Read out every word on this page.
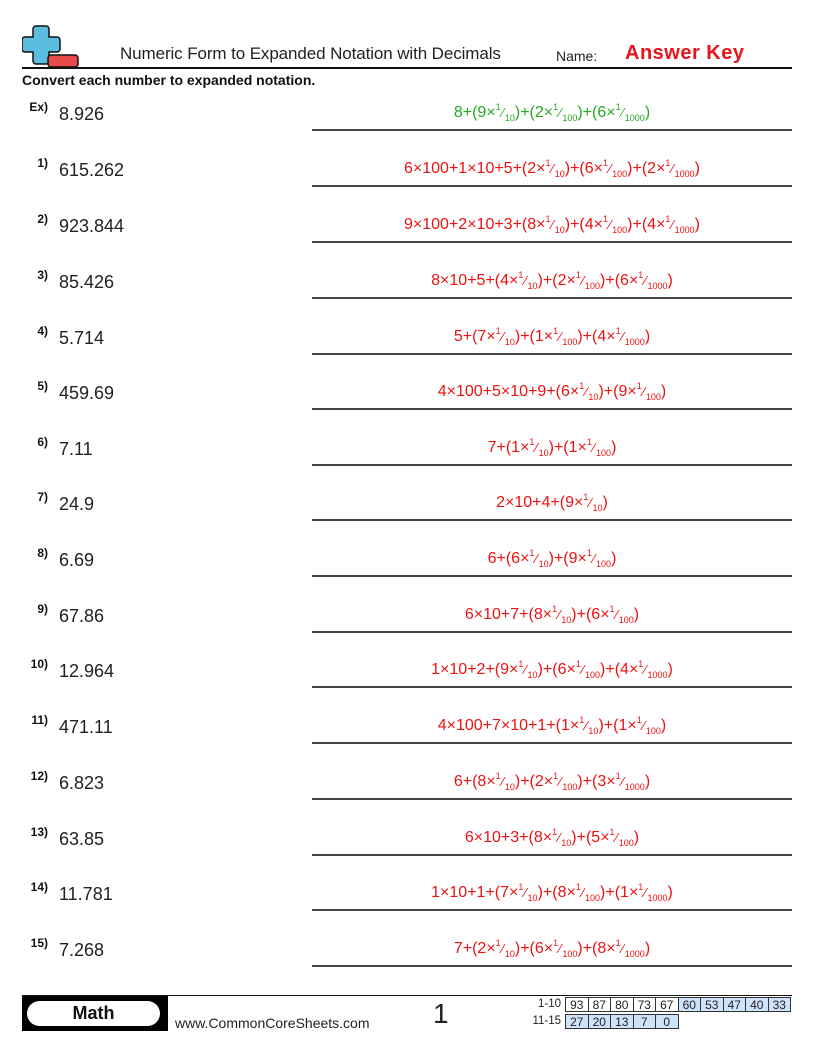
Numeric Form to Expanded Notation with Decimals	Name: Answer Key
Convert each number to expanded notation.
Ex) 8.926	$8+(9\times^1⁄_{10})+(2\times^1⁄_{100})+(6\times^1⁄_{1000})$
1) 615.262	$6\times 100+1\times 10+5+(2\times^1⁄_{10})+(6\times^1⁄_{100})+(2\times^1⁄_{1000})$
2) 923.844	$9\times 100+2\times 10+3+(8\times^1⁄_{10})+(4\times^1⁄_{100})+(4\times^1⁄_{1000})$
3) 85.426	$8\times 10+5+(4\times^1⁄_{10})+(2\times^1⁄_{100})+(6\times^1⁄_{1000})$
4) 5.714	$5+(7\times^1⁄_{10})+(1\times^1⁄_{100})+(4\times^1⁄_{1000})$
5) 459.69	$4\times 100+5\times 10+9+(6\times^1⁄_{10})+(9\times^1⁄_{100})$
6) 7.11	$7+(1\times^1⁄_{10})+(1\times^1⁄_{100})$
7) 24.9	$2\times 10+4+(9\times^1⁄_{10})$
8) 6.69	$6+(6\times^1⁄_{10})+(9\times^1⁄_{100})$
9) 67.86	$6\times 10+7+(8\times^1⁄_{10})+(6\times^1⁄_{100})$
10) 12.964	$1\times 10+2+(9\times^1⁄_{10})+(6\times^1⁄_{100})+(4\times^1⁄_{1000})$
11) 471.11	$4\times 100+7\times 10+1+(1\times^1⁄_{10})+(1\times^1⁄_{100})$
12) 6.823	$6+(8\times^1⁄_{10})+(2\times^1⁄_{100})+(3\times^1⁄_{1000})$
13) 63.85	$6\times 10+3+(8\times^1⁄_{10})+(5\times^1⁄_{100})$
14) 11.781	$1\times 10+1+(7\times^1⁄_{10})+(8\times^1⁄_{100})+(1\times^1⁄_{1000})$
15) 7.268	$7+(2\times^1⁄_{10})+(6\times^1⁄_{100})+(8\times^1⁄_{1000})$
Math	www.CommonCoreSheets.com 1	1-10 93 87 80 73 67 60 53 47 40 33
11-15 27 20 13	7	0
